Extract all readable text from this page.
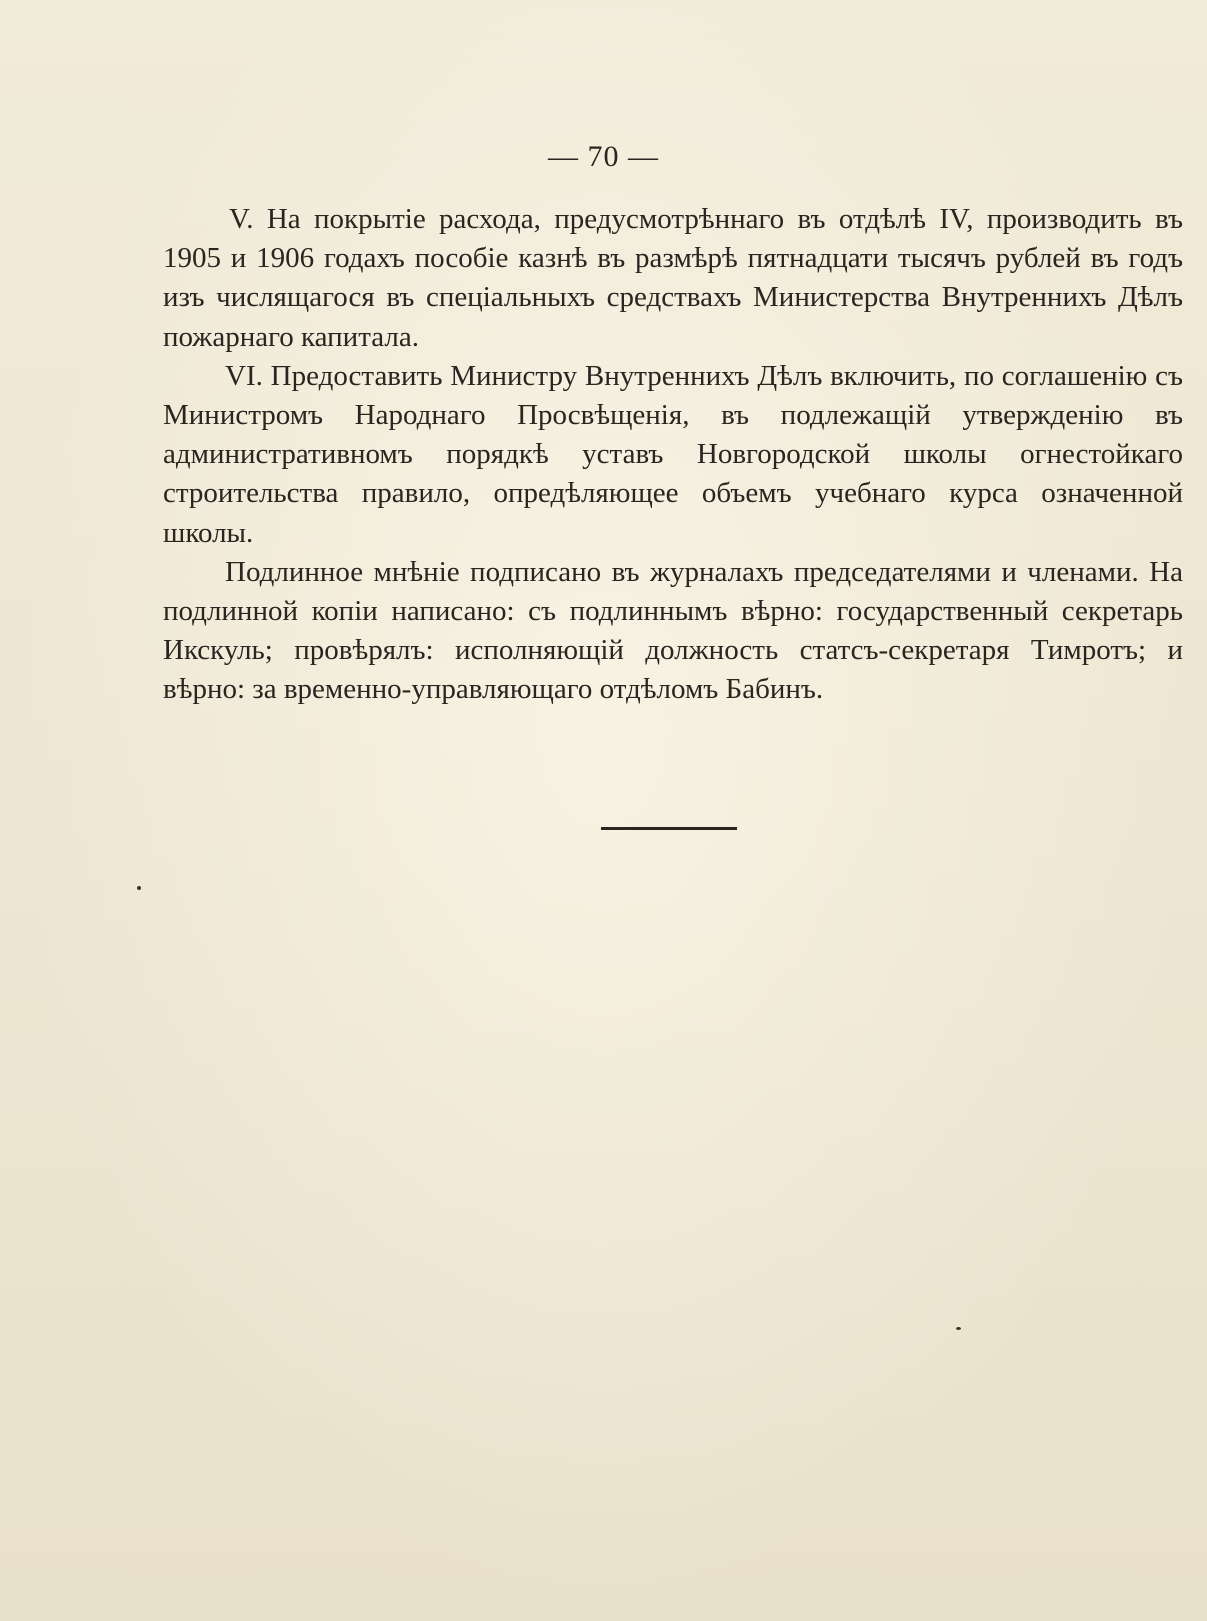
— 70 —

V. На покрытіе расхода, предусмотрѣннаго въ отдѣлѣ IV, производить въ 1905 и 1906 годахъ пособіе казнѣ въ размѣрѣ пятнадцати тысячъ рублей въ годъ изъ числящагося въ спеціальныхъ средствахъ Министерства Внутреннихъ Дѣлъ пожарнаго капитала.

VI. Предоставить Министру Внутреннихъ Дѣлъ включить, по соглашенію съ Министромъ Народнаго Просвѣщенія, въ подлежащій утвержденію въ административномъ порядкѣ уставъ Новгородской школы огнестойкаго строительства правило, опредѣляющее объемъ учебнаго курса означенной школы.

Подлинное мнѣніе подписано въ журналахъ председателями и членами. На подлинной копіи написано: съ подлиннымъ вѣрно: государственный секретарь Икскуль; провѣрялъ: исполняющій должность статсъ-секретаря Тимротъ; и вѣрно: за временно-управляющаго отдѣломъ Бабинъ.
